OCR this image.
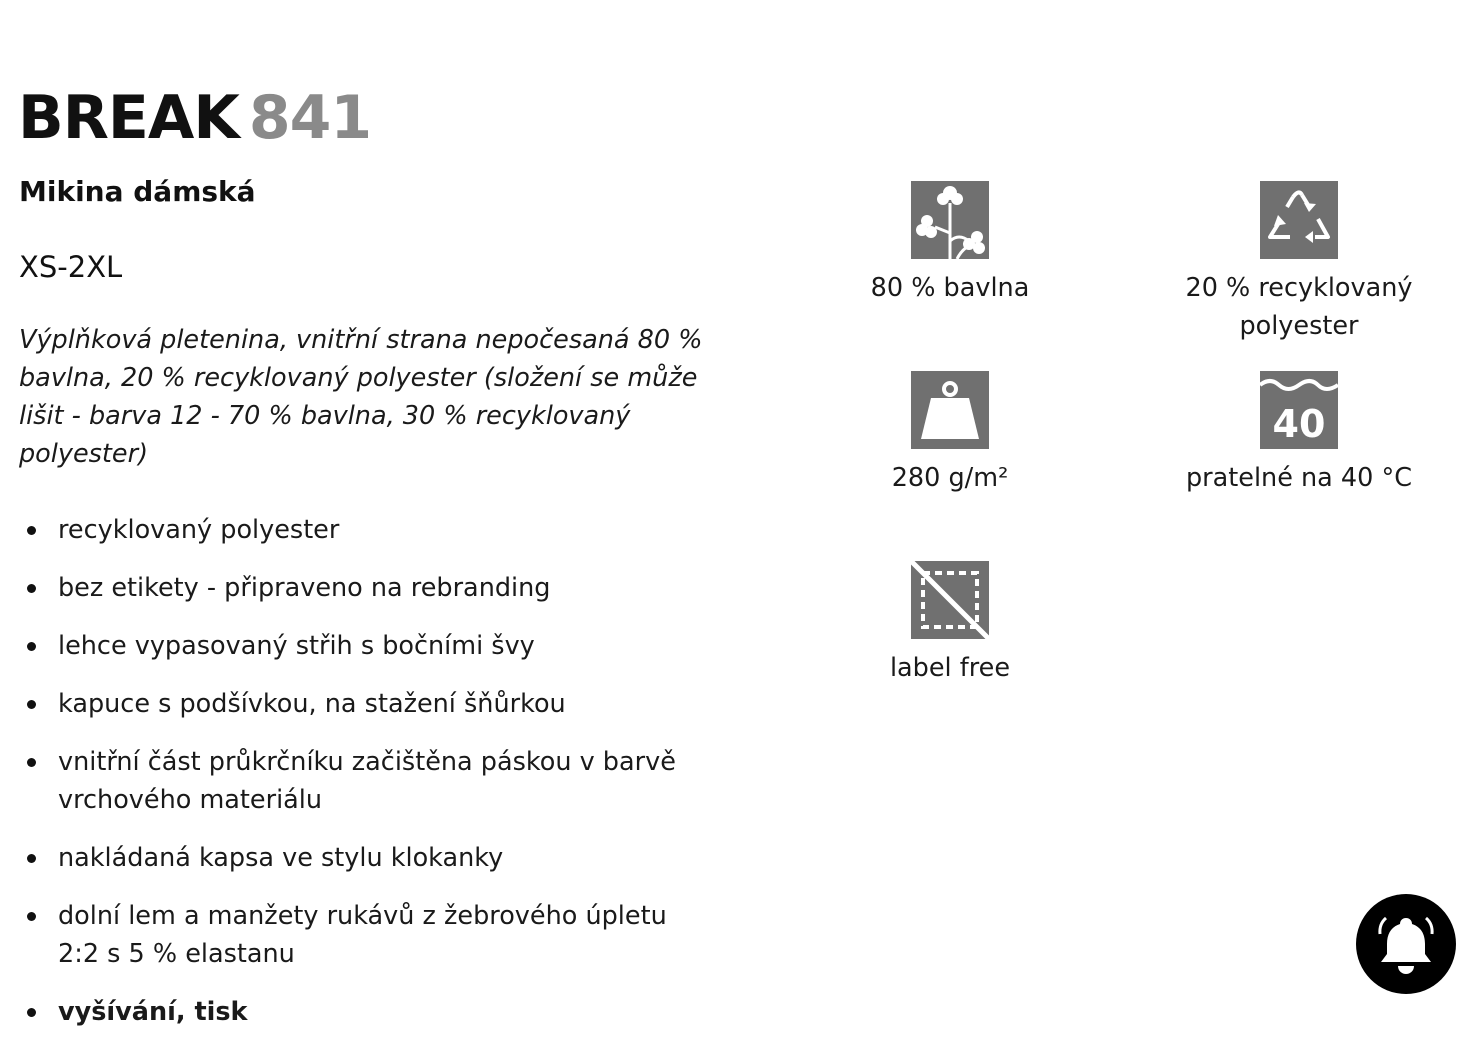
BREAK 841
Mikina dámská
XS-2XL

Výplňková pletenina, vnitřní strana nepočesaná 80 % bavlna, 20 % recyklovaný polyester (složení se může lišit - barva 12 - 70 % bavlna, 30 % recyklovaný polyester)

recyklovaný polyester
bez etikety - připraveno na rebranding
lehce vypasovaný střih s bočními švy
kapuce s podšívkou, na stažení šňůrkou
vnitřní část průkrčníku začištěna páskou v barvě vrchového materiálu
nakládaná kapsa ve stylu klokanky
dolní lem a manžety rukávů z žebrového úpletu 2:2 s 5 % elastanu
vyšívání, tisk
80 % bavlna	20 % recyklovaný polyester
280 g/m²
40
pratelné na 40 °C
label free
